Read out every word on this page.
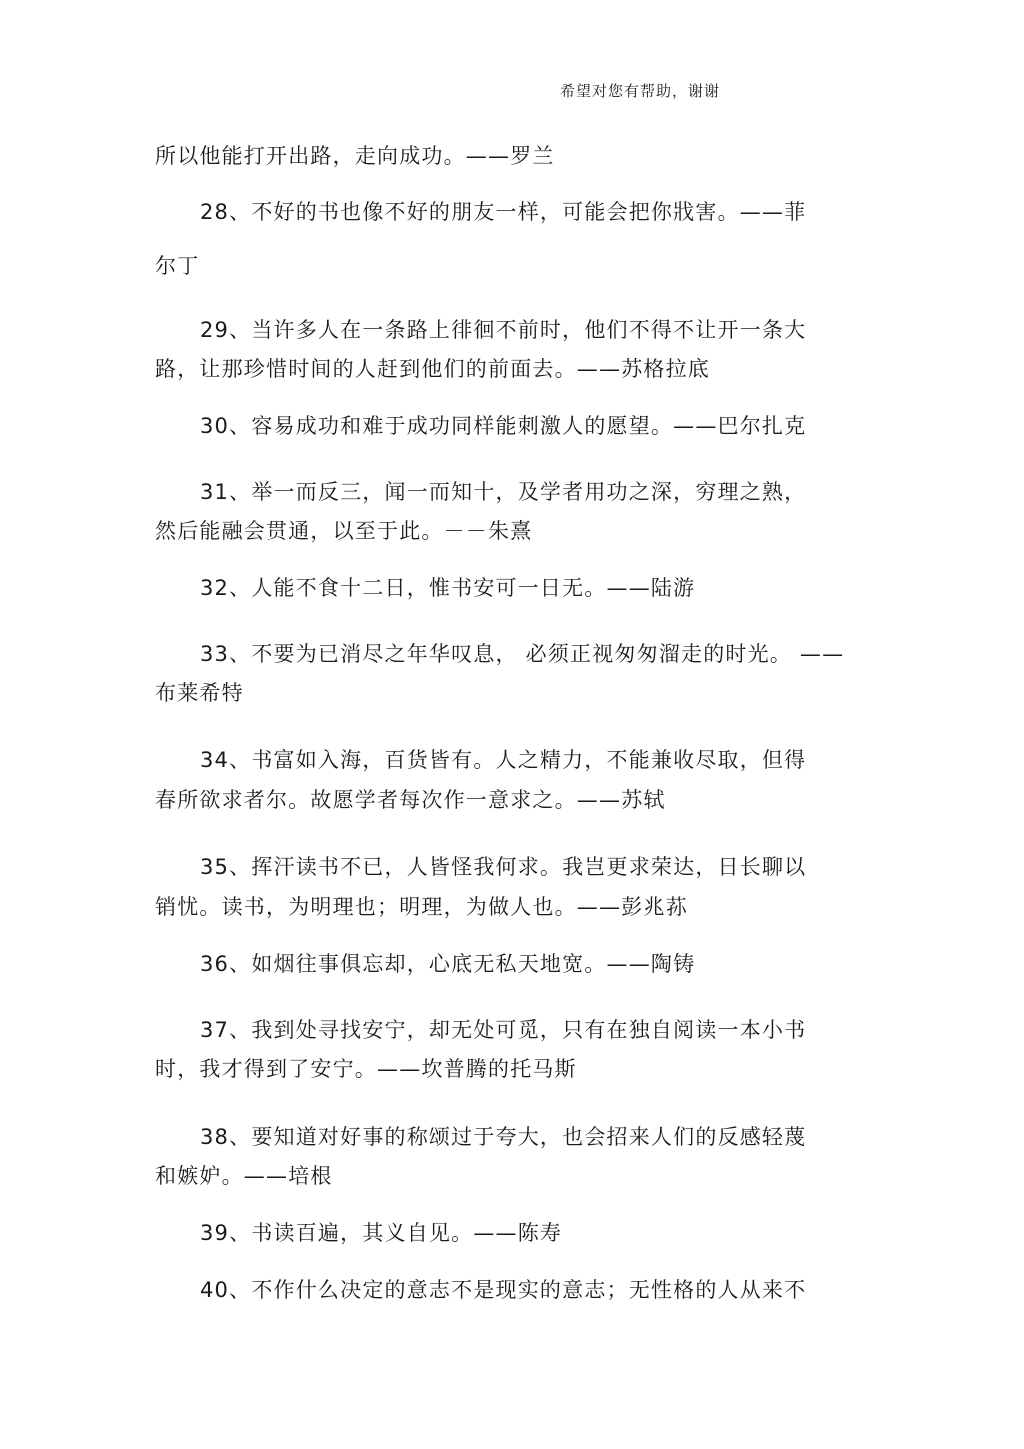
希望对您有帮助，谢谢
所以他能打开出路，走向成功。——罗兰
28、不好的书也像不好的朋友一样，可能会把你戕害。——菲
尔丁
29、当许多人在一条路上徘徊不前时，他们不得不让开一条大
路，让那珍惜时间的人赶到他们的前面去。——苏格拉底
30、容易成功和难于成功同样能刺激人的愿望。——巴尔扎克
31、举一而反三，闻一而知十，及学者用功之深，穷理之熟，
然后能融会贯通，以至于此。－－朱熹
32、人能不食十二日，惟书安可一日无。——陆游
33、不要为已消尽之年华叹息， 必须正视匆匆溜走的时光。 ——
布莱希特
34、书富如入海，百货皆有。人之精力，不能兼收尽取，但得
春所欲求者尔。故愿学者每次作一意求之。——苏轼
35、挥汗读书不已，人皆怪我何求。我岂更求荣达，日长聊以
销忧。读书，为明理也；明理，为做人也。——彭兆荪
36、如烟往事俱忘却，心底无私天地宽。——陶铸
37、我到处寻找安宁，却无处可觅，只有在独自阅读一本小书
时，我才得到了安宁。——坎普腾的托马斯
38、要知道对好事的称颂过于夸大，也会招来人们的反感轻蔑
和嫉妒。——培根
39、书读百遍，其义自见。——陈寿
40、不作什么决定的意志不是现实的意志；无性格的人从来不
